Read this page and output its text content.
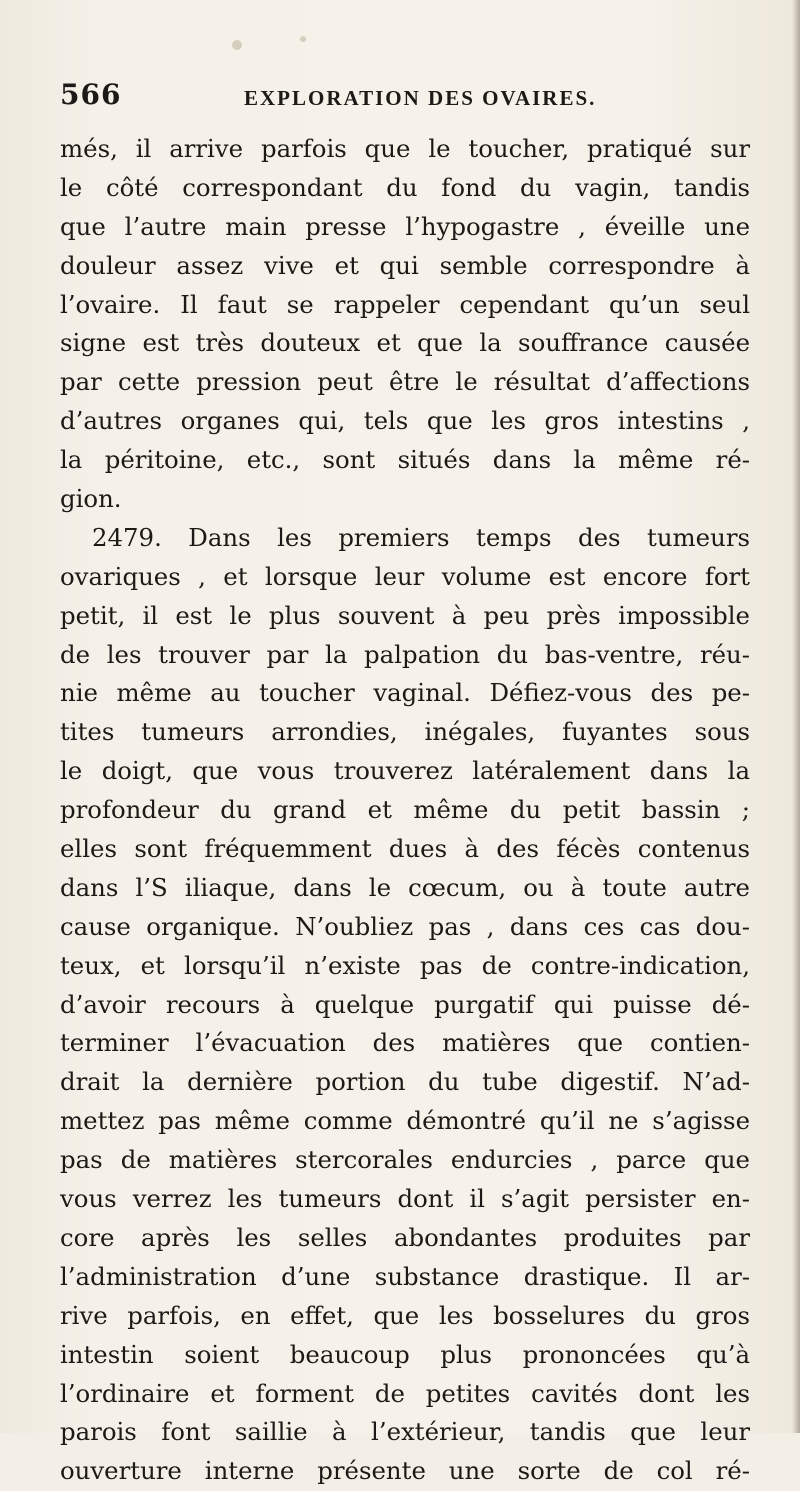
566	EXPLORATION DES OVAIRES.
més, il arrive parfois que le toucher, pratiqué sur
le côté correspondant du fond du vagin, tandis
que l’autre main presse l’hypogastre , éveille une
douleur assez vive et qui semble correspondre à
l’ovaire. Il faut se rappeler cependant qu’un seul
signe est très douteux et que la souffrance causée
par cette pression peut être le résultat d’affections
d’autres organes qui, tels que les gros intestins ,
la péritoine, etc., sont situés dans la même ré-
gion.
2479. Dans les premiers temps des tumeurs
ovariques , et lorsque leur volume est encore fort
petit, il est le plus souvent à peu près impossible
de les trouver par la palpation du bas-ventre, réu-
nie même au toucher vaginal. Défiez-vous des pe-
tites tumeurs arrondies, inégales, fuyantes sous
le doigt, que vous trouverez latéralement dans la
profondeur du grand et même du petit bassin ;
elles sont fréquemment dues à des fécès contenus
dans l’S iliaque, dans le cœcum, ou à toute autre
cause organique. N’oubliez pas , dans ces cas dou-
teux, et lorsqu’il n’existe pas de contre-indication,
d’avoir recours à quelque purgatif qui puisse dé-
terminer l’évacuation des matières que contien-
drait la dernière portion du tube digestif. N’ad-
mettez pas même comme démontré qu’il ne s’agisse
pas de matières stercorales endurcies , parce que
vous verrez les tumeurs dont il s’agit persister en-
core après les selles abondantes produites par
l’administration d’une substance drastique. Il ar-
rive parfois, en effet, que les bosselures du gros
intestin soient beaucoup plus prononcées qu’à
l’ordinaire et forment de petites cavités dont les
parois font saillie à l’extérieur, tandis que leur
ouverture interne présente une sorte de col ré-
